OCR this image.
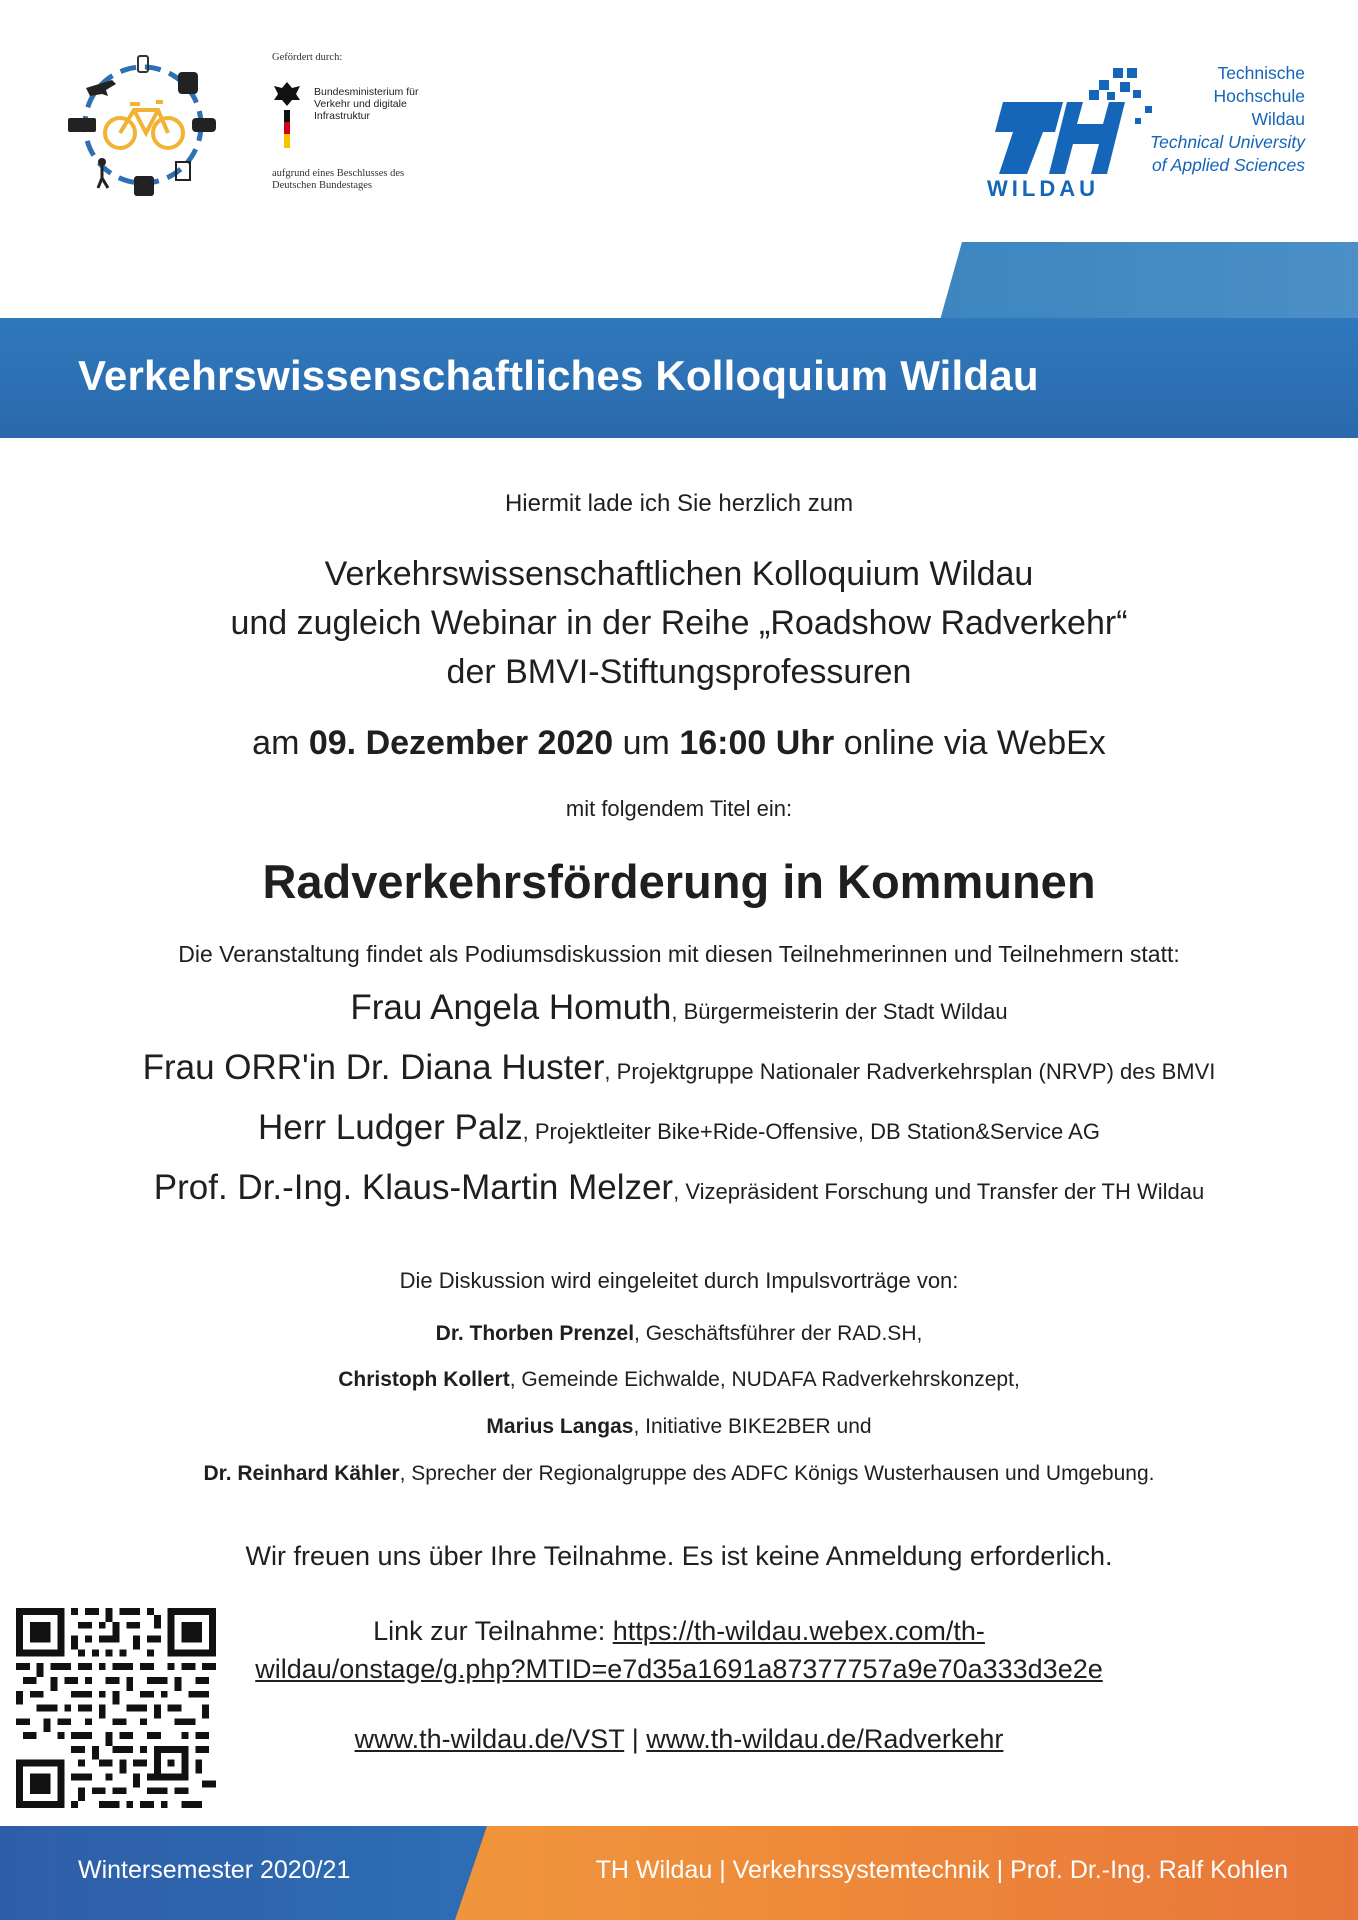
Gefördert durch:
Bundesministerium für Verkehr und digitale Infrastruktur
aufgrund eines Beschlusses des Deutschen Bundestages	WILDAU
Technische
Hochschule
Wildau
Technical University
of Applied Sciences
Verkehrswissenschaftliches Kolloquium Wildau
Hiermit lade ich Sie herzlich zum
Verkehrswissenschaftlichen Kolloquium Wildau
und zugleich Webinar in der Reihe „Roadshow Radverkehr“
der BMVI-Stiftungsprofessuren
am 09. Dezember 2020 um 16:00 Uhr online via WebEx
mit folgendem Titel ein:
Radverkehrsförderung in Kommunen
Die Veranstaltung findet als Podiumsdiskussion mit diesen Teilnehmerinnen und Teilnehmern statt:
Frau Angela Homuth, Bürgermeisterin der Stadt Wildau
Frau ORR'in Dr. Diana Huster, Projektgruppe Nationaler Radverkehrsplan (NRVP) des BMVI
Herr Ludger Palz, Projektleiter Bike+Ride-Offensive, DB Station&Service AG
Prof. Dr.-Ing. Klaus-Martin Melzer, Vizepräsident Forschung und Transfer der TH Wildau
Die Diskussion wird eingeleitet durch Impulsvorträge von:
Dr. Thorben Prenzel, Geschäftsführer der RAD.SH,
Christoph Kollert, Gemeinde Eichwalde, NUDAFA Radverkehrskonzept,
Marius Langas, Initiative BIKE2BER und
Dr. Reinhard Kähler, Sprecher der Regionalgruppe des ADFC Königs Wusterhausen und Umgebung.
Wir freuen uns über Ihre Teilnahme. Es ist keine Anmeldung erforderlich.
Link zur Teilnahme: https://th-wildau.webex.com/th-
wildau/onstage/g.php?MTID=e7d35a1691a87377757a9e70a333d3e2e
www.th-wildau.de/VST | www.th-wildau.de/Radverkehr
Wintersemester 2020/21	TH Wildau | Verkehrssystemtechnik | Prof. Dr.-Ing. Ralf Kohlen
